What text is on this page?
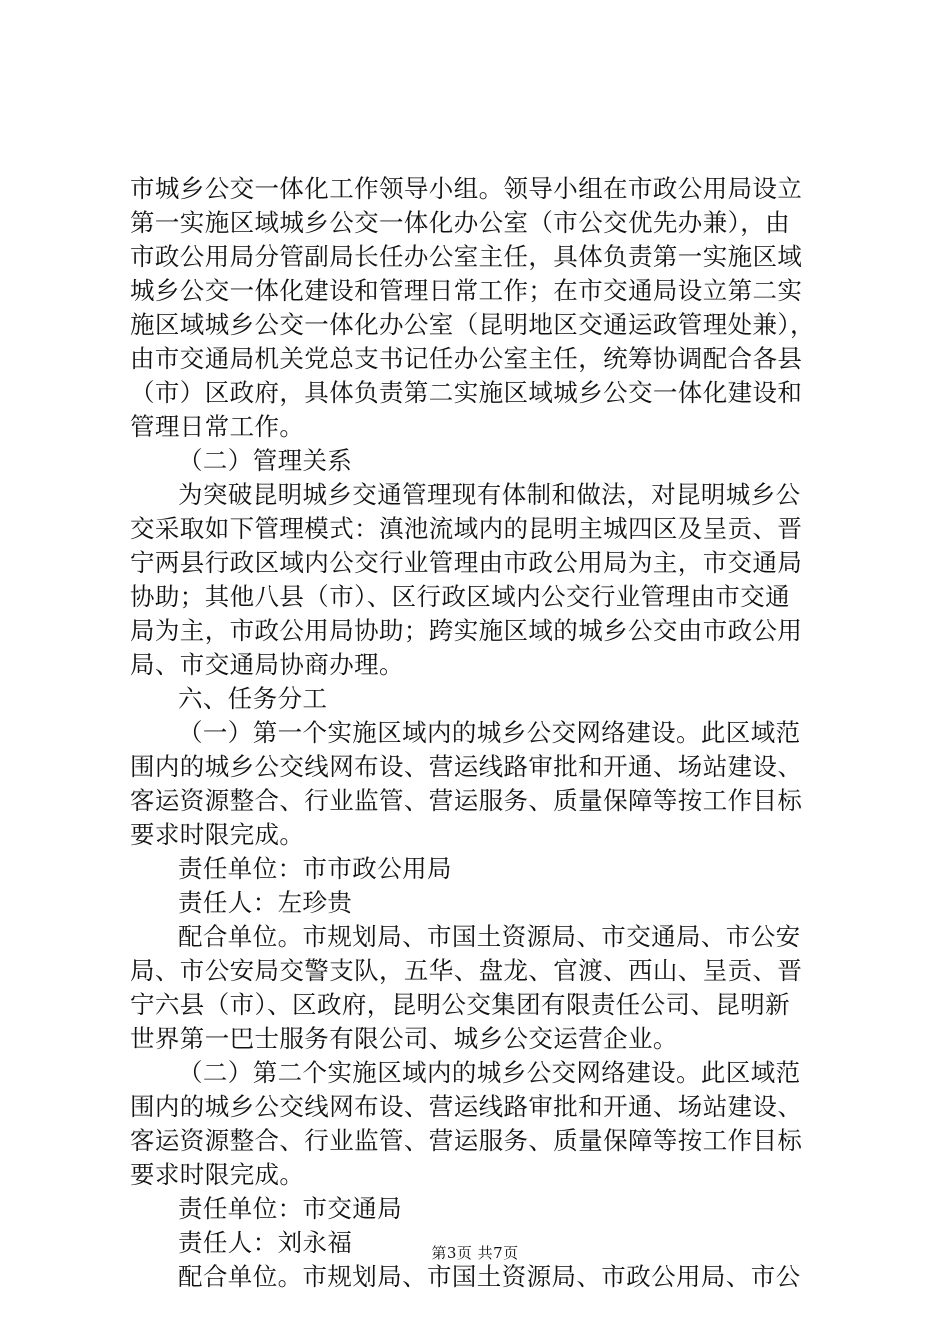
市城乡公交一体化工作领导小组。领导小组在市政公用局设立
第一实施区域城乡公交一体化办公室（市公交优先办兼），由
市政公用局分管副局长任办公室主任，具体负责第一实施区域
城乡公交一体化建设和管理日常工作；在市交通局设立第二实
施区域城乡公交一体化办公室（昆明地区交通运政管理处兼），
由市交通局机关党总支书记任办公室主任，统筹协调配合各县
（市）区政府，具体负责第二实施区域城乡公交一体化建设和
管理日常工作。
（二）管理关系
为突破昆明城乡交通管理现有体制和做法，对昆明城乡公
交采取如下管理模式：滇池流域内的昆明主城四区及呈贡、晋
宁两县行政区域内公交行业管理由市政公用局为主，市交通局
协助；其他八县（市）、区行政区域内公交行业管理由市交通
局为主，市政公用局协助；跨实施区域的城乡公交由市政公用
局、市交通局协商办理。
六、任务分工
（一）第一个实施区域内的城乡公交网络建设。此区域范
围内的城乡公交线网布设、营运线路审批和开通、场站建设、
客运资源整合、行业监管、营运服务、质量保障等按工作目标
要求时限完成。
责任单位：市市政公用局
责任人：左珍贵
配合单位。市规划局、市国土资源局、市交通局、市公安
局、市公安局交警支队，五华、盘龙、官渡、西山、呈贡、晋
宁六县（市）、区政府，昆明公交集团有限责任公司、昆明新
世界第一巴士服务有限公司、城乡公交运营企业。
（二）第二个实施区域内的城乡公交网络建设。此区域范
围内的城乡公交线网布设、营运线路审批和开通、场站建设、
客运资源整合、行业监管、营运服务、质量保障等按工作目标
要求时限完成。
责任单位：市交通局
责任人：刘永福
配合单位。市规划局、市国土资源局、市政公用局、市公
第3页 共7页
